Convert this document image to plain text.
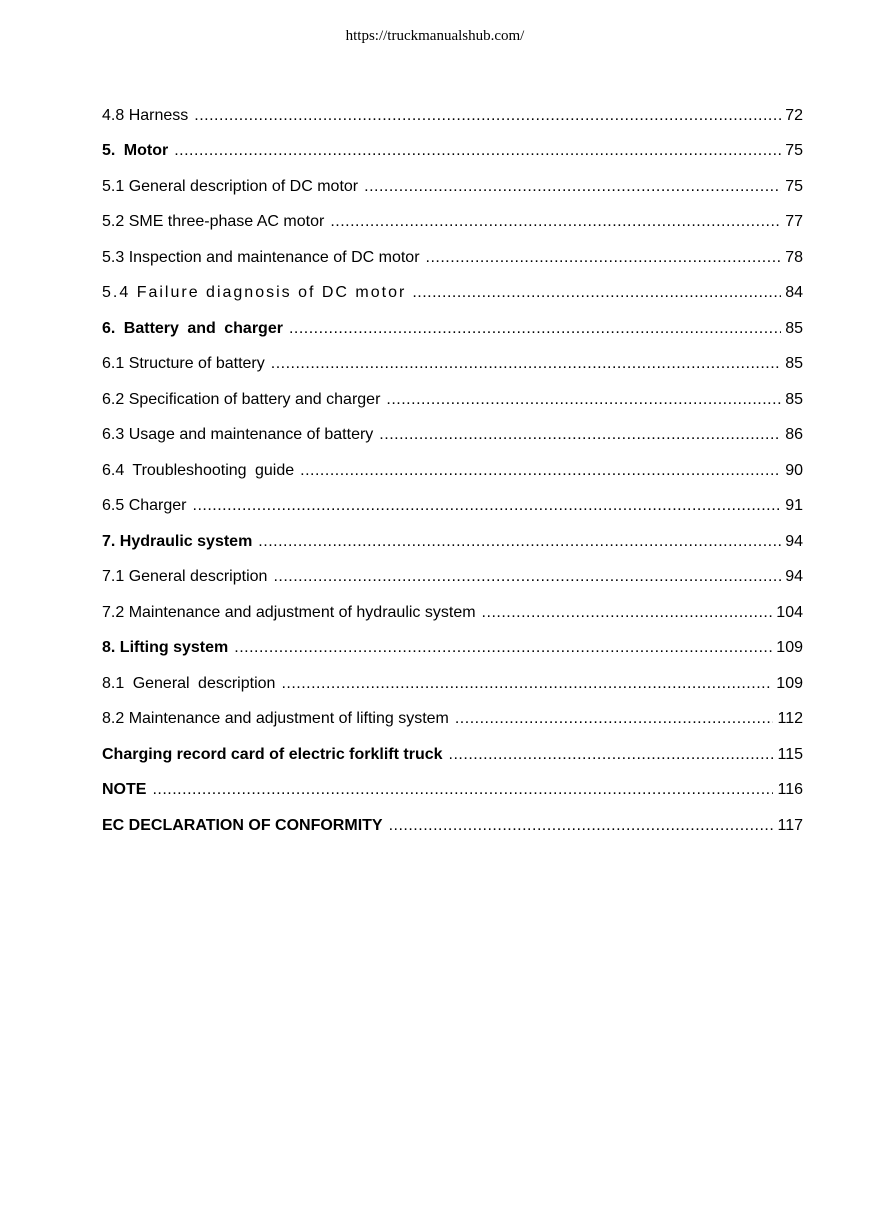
https://truckmanualshub.com/
4.8 Harness .....	72
5. Motor .....	75
5.1 General description of DC motor .....	75
5.2 SME three-phase AC motor .....	77
5.3 Inspection and maintenance of DC motor .....	78
5.4 Failure diagnosis of DC motor .....	84
6. Battery and charger .....	85
6.1 Structure of battery .....	85
6.2 Specification of battery and charger .....	85
6.3 Usage and maintenance of battery .....	86
6.4 Troubleshooting guide .....	90
6.5 Charger .....	91
7. Hydraulic system .....	94
7.1 General description .....	94
7.2 Maintenance and adjustment of hydraulic system .....	104
8. Lifting system .....	109
8.1 General description .....	109
8.2 Maintenance and adjustment of lifting system .....	112
Charging record card of electric forklift truck .....	115
NOTE .....	116
EC DECLARATION OF CONFORMITY .....	117
